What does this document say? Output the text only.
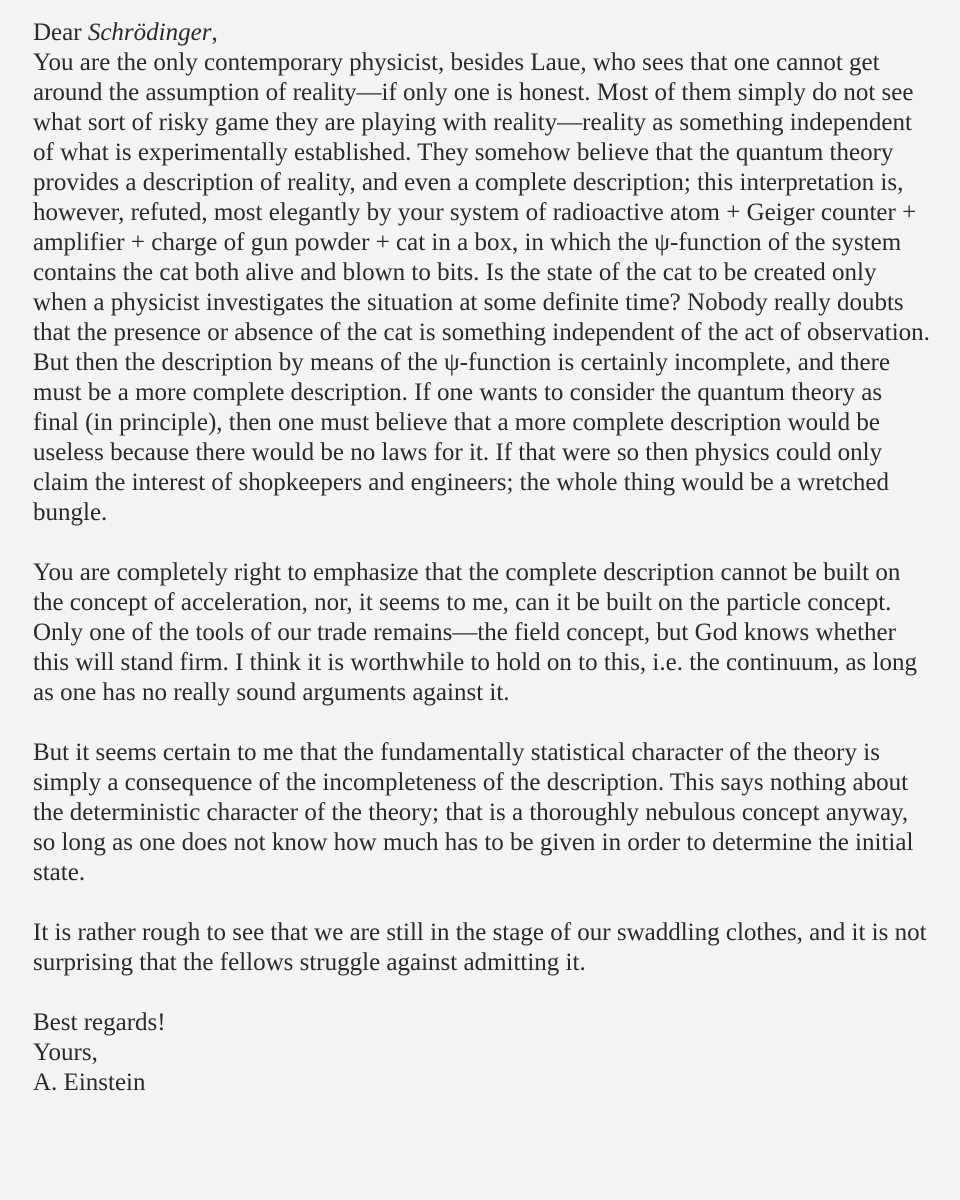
Dear Schrödinger,

You are the only contemporary physicist, besides Laue, who sees that one cannot get around the assumption of reality—if only one is honest. Most of them simply do not see what sort of risky game they are playing with reality—reality as something independent of what is experimentally established. They somehow believe that the quantum theory provides a description of reality, and even a complete description; this interpretation is, however, refuted, most elegantly by your system of radioactive atom + Geiger counter + amplifier + charge of gun powder + cat in a box, in which the ψ-function of the system contains the cat both alive and blown to bits. Is the state of the cat to be created only when a physicist investigates the situation at some definite time? Nobody really doubts that the presence or absence of the cat is something independent of the act of observation. But then the description by means of the ψ-function is certainly incomplete, and there must be a more complete description. If one wants to consider the quantum theory as final (in principle), then one must believe that a more complete description would be useless because there would be no laws for it. If that were so then physics could only claim the interest of shopkeepers and engineers; the whole thing would be a wretched bungle.

You are completely right to emphasize that the complete description cannot be built on the concept of acceleration, nor, it seems to me, can it be built on the particle concept. Only one of the tools of our trade remains—the field concept, but God knows whether this will stand firm. I think it is worthwhile to hold on to this, i.e. the continuum, as long as one has no really sound arguments against it.

But it seems certain to me that the fundamentally statistical character of the theory is simply a consequence of the incompleteness of the description. This says nothing about the deterministic character of the theory; that is a thoroughly nebulous concept anyway, so long as one does not know how much has to be given in order to determine the initial state.

It is rather rough to see that we are still in the stage of our swaddling clothes, and it is not surprising that the fellows struggle against admitting it.

Best regards!

Yours,

A. Einstein
